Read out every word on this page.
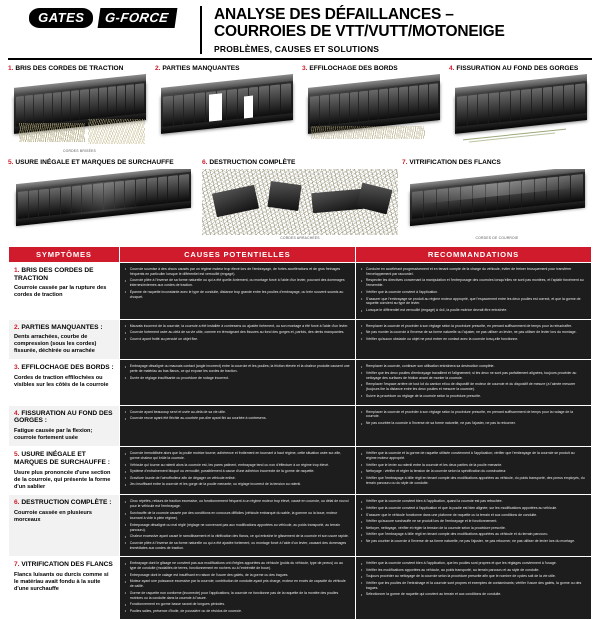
GATES	G-FORCE	ANALYSE DES DÉFAILLANCES –
COURROIES DE VTT/VUTT/MOTONEIGE
PROBLÈMES, CAUSES ET SOLUTIONS
1. BRIS DES CORDES DE TRACTION
CORDES BRISÉES
2. PARTIES MANQUANTES	3. EFFILOCHAGE DES BORDS	4. FISSURATION AU FOND DES GORGES
5. USURE INÉGALE ET MARQUES DE SURCHAUFFE	6. DESTRUCTION COMPLÈTE
CORDES ARRACHÉES
7. VITRIFICATION DES FLANCS
CORDES DE COURROIE
SYMPTÔMES	CAUSES POTENTIELLES	RECOMMANDATIONS

1. BRIS DES CORDES DE TRACTION
Courroie cassée par la rupture des cordes de traction

• Courroie soumise à des chocs causés par un régime moteur trop élevé lors de l'embrayage, de fortes accélérations et de gros freinages fréquents en particulier lorsque le différentiel est verrouillé (engagé).
• Courroie pliée à l'inverse de sa forme naturelle ou qui a été quelle-fortement, ou montage forcé à l'aide d'un levier, pouvant des dommages internes/externes aux cordes de traction.
• Épanne de raquette inconstante avec le type de conduite, distance trop grande entre les poulies d'embrayage, ou trein souvent soumis au choquet.

• Conduire en accélérant progressivement et en tenant compte de la charge du véhicule, éviter de freiner brusquement pour transférer l'enveloppement par raccordel.
• Respecter les directives concernant la manipulation et l'entreposage des courroies lorsqu'elles ne sont pas montées, et l'aplatir forcément au l'ensemble.
• Vérifier que la courroie convient à l'application.
• S'assurer que l'embrayage se produit au régime moteur approprié, que l'espacement entre les deux poulies est correct, et que la gorme de raquette convient au type de levier.
• Lorsque le différentiel est verrouillé (engagé) à 4x4, la poulie motrice devrait être entraînée.

2. PARTIES MANQUANTES :
Dents arrachées, courbe de compression (sous les cordes) fissurée, déchirée ou arrachée

• Mauvais incorrect de la courroie; la courroie a été installée à contresens ou ajustée fortement, ou son montage a été forcé à l'aide d'un levier.
• Courroie fortement usée au-delà de sa vie utile, comme en témoignant des fissures au fond des gorges et, parfois, des dents manquantes.
• Courroi ayant frotté au percuté un objet fixe.

• Remplacer la courroie et procéder à son réglage selon la procédure prescrite, en prenant suffisamment de temps pour la rebuchaffer.
• Ne pas monter la courroie à l'inverse de sa forme naturelle ou l'ajuster, ne pas utiliser un levier, ne pas utiliser de levier lors du montage.
• Vérifier qu'aucun obstacle ou objet ne peut entrer en contact avec la courroie lorsq-elle fonctionne.

3. EFFILOCHAGE DES BORDS :
Cordes de traction effilochées ou visibles sur les côtés de la courroie

• Embrayage désaligné ou mauvais contact (angle incorrect) entre la courroie et les poulies; la friction élevée et la chaleur produite causent une perte de matériau au bas flancs, ce qui expose les cordes de traction.
• Durée de réglage insuffisante ou procédure de rodage incorrect.

• Remplacer la courroie, continuer son utilisation entraînera sa destruction complète.
• Vérifier que les deux poulies d'embrayage travaillent et l'alignement; si les deux ne sont pas parfaitement alignées, toujours procéder au nettoyage des surfaces de friction avant de monter la courroie.
• Remplacer l'espace arrière de tout lot du camion et/ou de dispositif de moteur de courroie et du dispositif de mesure (a l'aimée mesurer (toujours lire la distance entre les deux poulies et mesurer la courroie).
• Suivre la procédure ou réglage de la courroie selon la procédure prescrite.

4. FISSURATION AU FOND DES GORGES :
Fatigue causée par la flexion; courroie fortement usée

• Courroie ayant beaucoup servi et usée au-delà de sa vie utile.
• Courroie reuve ayant été fléchie au-courbée par-dire ayant fini au courbée à contresens.

• Remplacer la courroie et procéder à son réglage selon la procédure prescrite, en prenant suffisamment de temps pour la rodage de la courroie.
• Ne pas courbée la courroie à l'inverse de sa forme naturelle, ne pas l'ajuster, ne pas la retourner.

5. USURE INÉGALE ET MARQUES DE SURCHAUFFE :
Usure plus prononcée d'une section de la courroie, qui présente la forme d'un sablier

• Courroie immobilisée alors que la poulie motrice tourne; adhérence et frottement en tournant à haut régime, cette situation usée sur-elle, gorme chaleur qui brûle la courroie.
• Véhicule qui tourne au ralenti alors la courroie est, les pares patinent, embrayage tend ou non d'éffectuer à un régime trop élevé.
• Système d'entraînement bloqué ou verrouillé; possiblement à cause d'une adhérion incorrecte de la gorme de raquette.
• Gravilure lourde de l'aéroffrolleur afin de dégager un véhicule enlisé.
• Jeu insuffisant entre la courroie et les gorge de la poulie menante; ou réglage incorrect de la tension au ralenti.

• Vérifier que la courroie et la gorme de raquette utilisée conviennent à l'application; vérifier que l'embrayage de la courroie se produit au régime moteur approprié.
• Vérifier que le levier au ralenti entre la courroie et les deux parties de la poulie menante.
• Nettoyage : vérifier et régler la tension de la courroie selon la spécification du constructeur.
• Vérifier que l'embrayage à bille régit en tenant compte des modifications apportées au véhicule, du poids transporté, des pneus employés, du terrain parcouru ou du style de conduite.

6. DESTRUCTION COMPLÈTE :
Courroie cassée en plusieurs morceaux

• Choc répétés, retours de traction excessive, ou fonctionnement fréquent à un régime moteur trop élevé, causé en courroie, ou délai de rouvoi pour le véhicule est l'embrayage.
• Surchauffe de la courroie causée par des conditions en concours difficiles (véhicule embarqué du sable, la gomme ou la boue, moteur tournant à vide à plein régime).
• Entreposage désaligné ou mal réglé (réglage ne convenant pas aux modifications apportées au véhicule, au poids transporté, au terrain parcouru).
• Chaleur excessive ayant causé le ramollissement et la vitrification des flancs, ce qui entraîne le glissement de la courroie et son usure rapide.
• Courroie pliée à l'inverse de sa forme naturelle ou qui a été ajustée fortement, ou montage forcé à l'aide d'un levier, causant des dommages immédiates aux cordes de traction.

• Vérifier que la courroie convient bien à l'application, quand la courroie est pas rebuchée.
• Vérifier que la courroie convient à l'application et que la poulie est bien alignée; sur les modifications apportées au véhicule.
• S'assurer que le véhicule fonctionne dans une plafonne de raquette ou la terrain et aux conditions de conduite.
• Vérifier qu'aucune surchauffe ne se produit lors de l'embrayage et le fonctionnement.
• Nettoyer, nettoyage, vérifier et régler la tension de la courroie selon la procédure prescrite.
• Vérifier que l'embrayage à bille régit en tenant compte des modifications apportées au véhicule et du terrain parcouru.
• Ne pas courber la courroie à l'inverse de sa forme naturelle, ne pas l'ajuster, ne pas retourner, ne pas utiliser de levier lors du montage.

7. VITRIFICATION DES FLANCS
Flancs luisants ou durcis comme si le matériau avait fondu à la suite d'une surchauffe

• Embrayage dont le glisage ne convient pas aux modifications ont d'règles apportées au véhicule (poids du véhicule, type de pneus) ou au type de conduite (modalités de terres, fonctionnement en rochers ou à l'extrémité de boue).
• Entreposage dont le calage est insuffisant en raison de l'usure des galets, de la gorme ou des bagues.
• Moteur ayant une puissance excessive par la courroie; contribution de conduite ayant pris charge, moteur en excès de capacité du véhicule de calité.
• Gorme de raquette non conforme (incorrecte) pour l'applications; la courroie ne fonctionne pas de la raquette de la montée des poulies motrices ou la conduite dans la courroie à l'usure.
• Fonctionnement en gorme basse ravant de longues périodes.
• Poulies salies, présence d'huile, de poussière ou de résidus de courroie.

• Vérifier que la courroie convient bien à l'application, que les poulies sont propres et que les réglages conviennent à l'usage.
• Vérifier les modifications apportées au véhicule, au poids transporté, au terrain parcouru et au style de conduite.
• Toujours procéder au nettoyage de la courroie selon la procédure prescrite afin que le nombre de cycles soit de la vie utile.
• Vérifier que les poulies de l'entraînage et la courroie sont propres et exemptes de contaminants; vérifier l'usure des galets, la gorme ou des bagues.
• Sélectionner la gorme de raquette qui convient au terrain et aux conditions de conduite.
